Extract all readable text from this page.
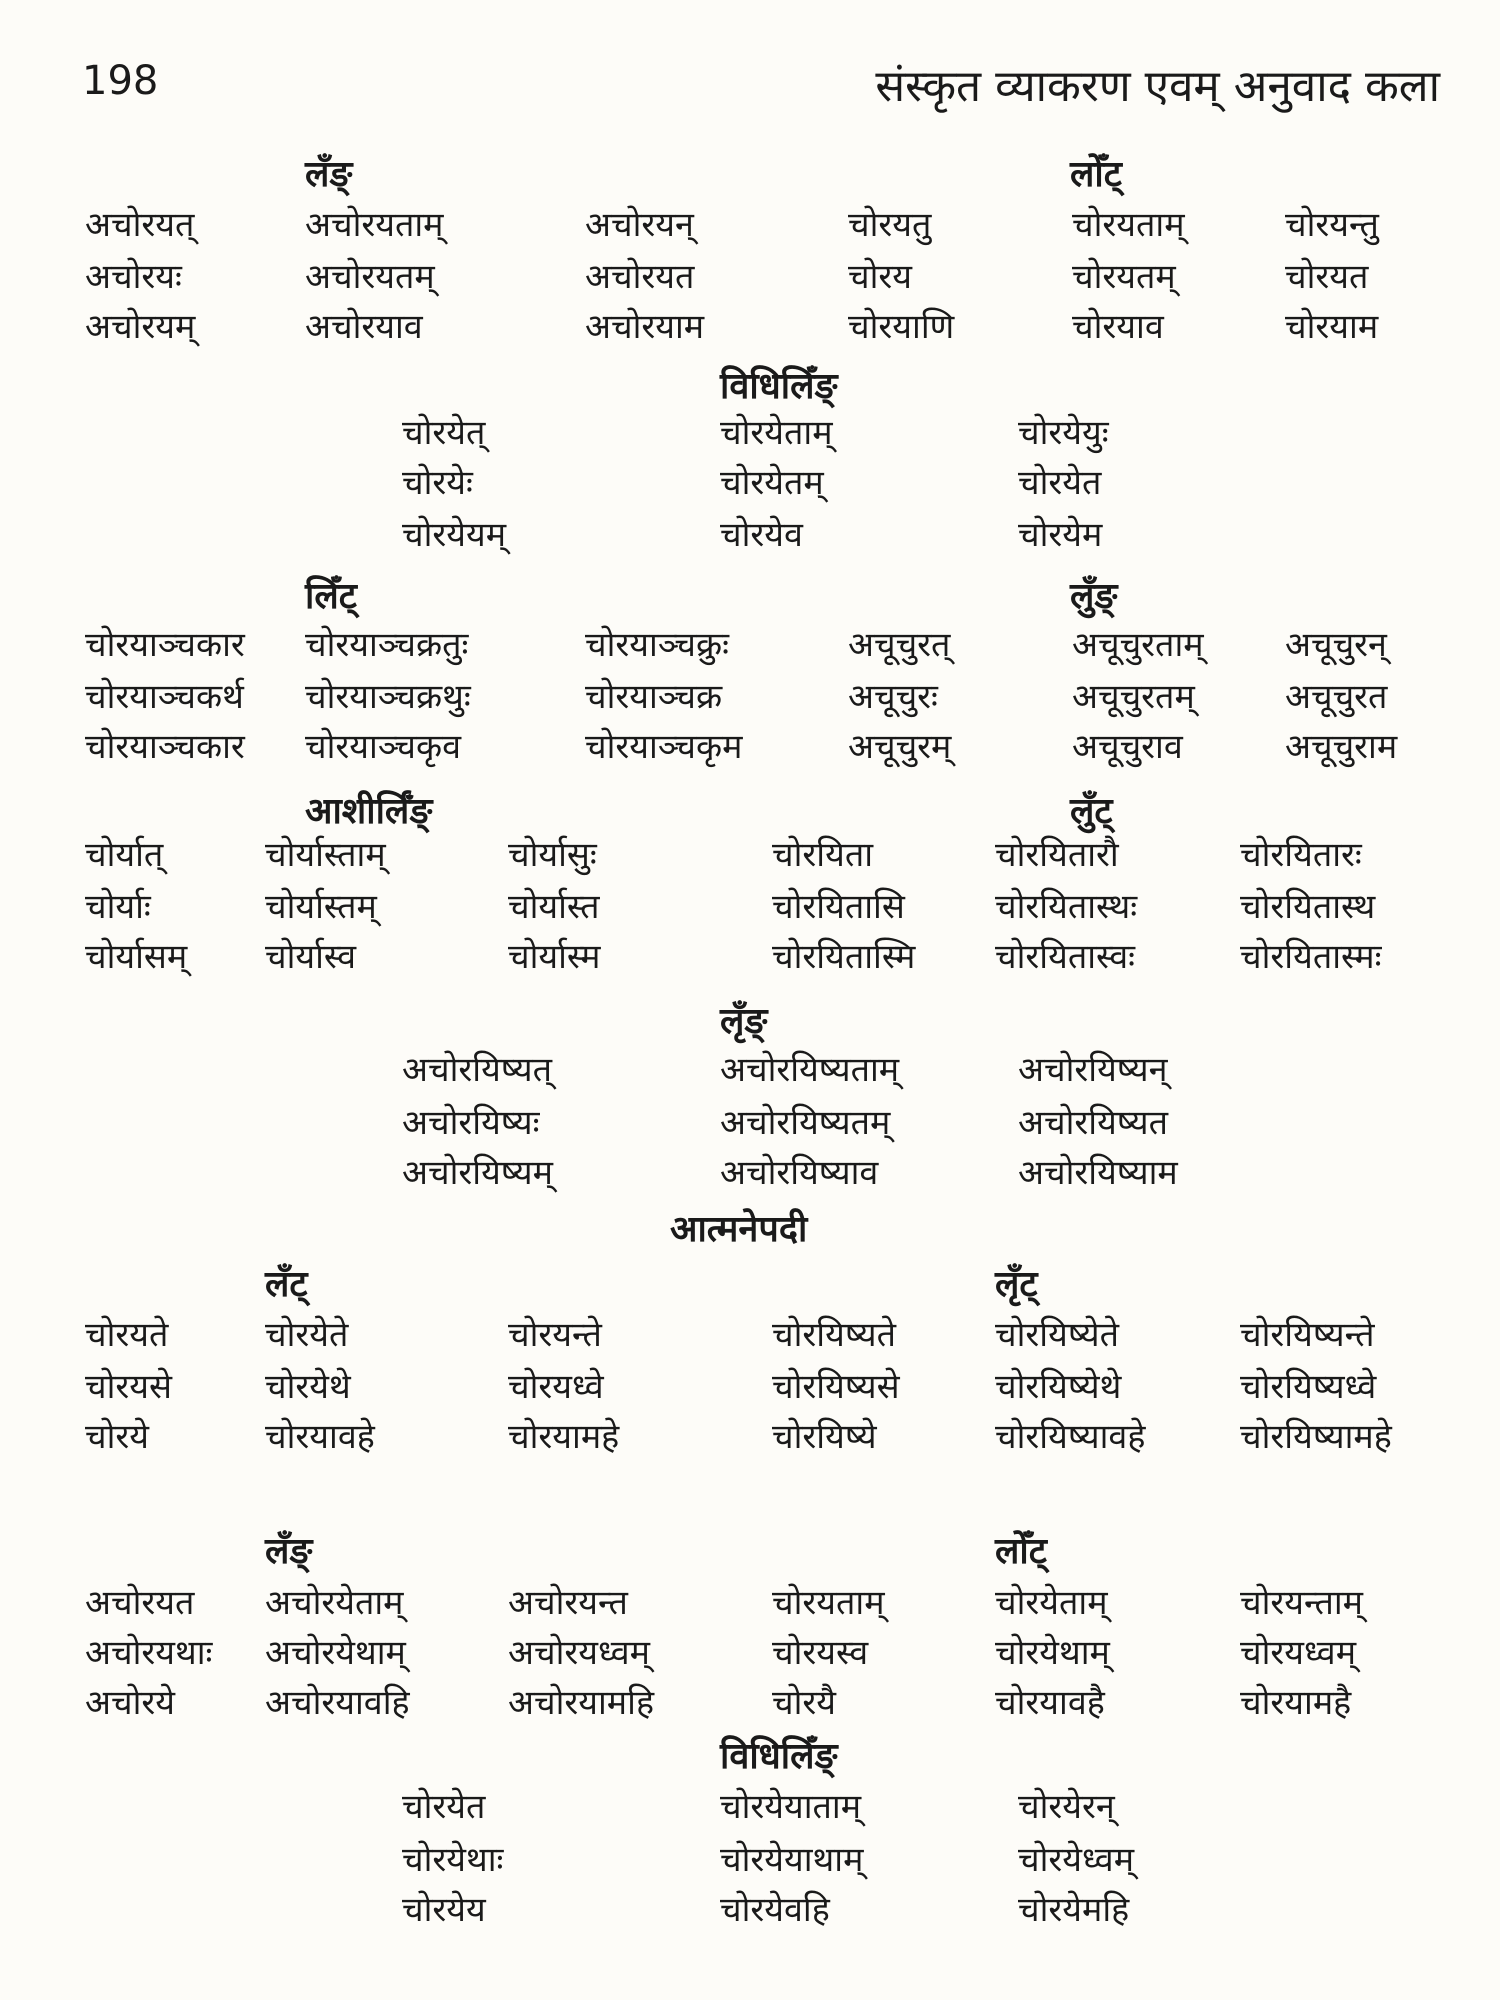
198	संस्कृत व्याकरण एवम् अनुवाद कला
लँङ्
अचोरयत्	अचोरयताम्	अचोरयन्
अचोरयः	अचोरयतम्	अचोरयत
अचोरयम्	अचोरयाव	अचोरयाम
लोँट्
चोरयतु	चोरयताम्	चोरयन्तु
चोरय	चोरयतम्	चोरयत
चोरयाणि	चोरयाव	चोरयाम
विधिलिँङ्
चोरयेत्	चोरयेताम्	चोरयेयुः
चोरयेः	चोरयेतम्	चोरयेत
चोरयेयम्	चोरयेव	चोरयेम
लिँट्
चोरयाञ्चकार चोरयाञ्चक्रतुः	चोरयाञ्चक्रुः
चोरयाञ्चकर्थ चोरयाञ्चक्रथुः	चोरयाञ्चक्र
चोरयाञ्चकार चोरयाञ्चकृव	चोरयाञ्चकृम
लुँङ्
अचूचुरत्	अचूचुरताम् अचूचुरन्
अचूचुरः	अचूचुरतम्	अचूचुरत
अचूचुरम्	अचूचुराव	अचूचुराम
आशीर्लिँङ्
चोर्यात्	चोर्यास्ताम्	चोर्यासुः
चोर्याः	चोर्यास्तम्	चोर्यास्त
चोर्यासम् चोर्यास्व	चोर्यास्म
लुँट्
चोरयिता	चोरयितारौ	चोरयितारः
चोरयितासि	चोरयितास्थः	चोरयितास्थ
चोरयितास्मि चोरयितास्वः	चोरयितास्मः
लृँङ्
अचोरयिष्यत्	अचोरयिष्यताम्	अचोरयिष्यन्
अचोरयिष्यः	अचोरयिष्यतम्	अचोरयिष्यत
अचोरयिष्यम्	अचोरयिष्याव	अचोरयिष्याम
आत्मनेपदी
लँट्
चोरयते	चोरयेते	चोरयन्ते
चोरयसे	चोरयेथे	चोरयध्वे
चोरये	चोरयावहे	चोरयामहे
लृँट्
चोरयिष्यते	चोरयिष्येते	चोरयिष्यन्ते
चोरयिष्यसे	चोरयिष्येथे	चोरयिष्यध्वे
चोरयिष्ये	चोरयिष्यावहे	चोरयिष्यामहे
लँङ्
अचोरयत अचोरयेताम्	अचोरयन्त
अचोरयथाः अचोरयेथाम्	अचोरयध्वम्
अचोरये	अचोरयावहि	अचोरयामहि
लोँट्
चोरयताम्	चोरयेताम्	चोरयन्ताम्
चोरयस्व	चोरयेथाम्	चोरयध्वम्
चोरयै	चोरयावहै	चोरयामहै
विधिलिँङ्
चोरयेत	चोरयेयाताम्	चोरयेरन्
चोरयेथाः	चोरयेयाथाम्	चोरयेध्वम्
चोरयेय	चोरयेवहि	चोरयेमहि
